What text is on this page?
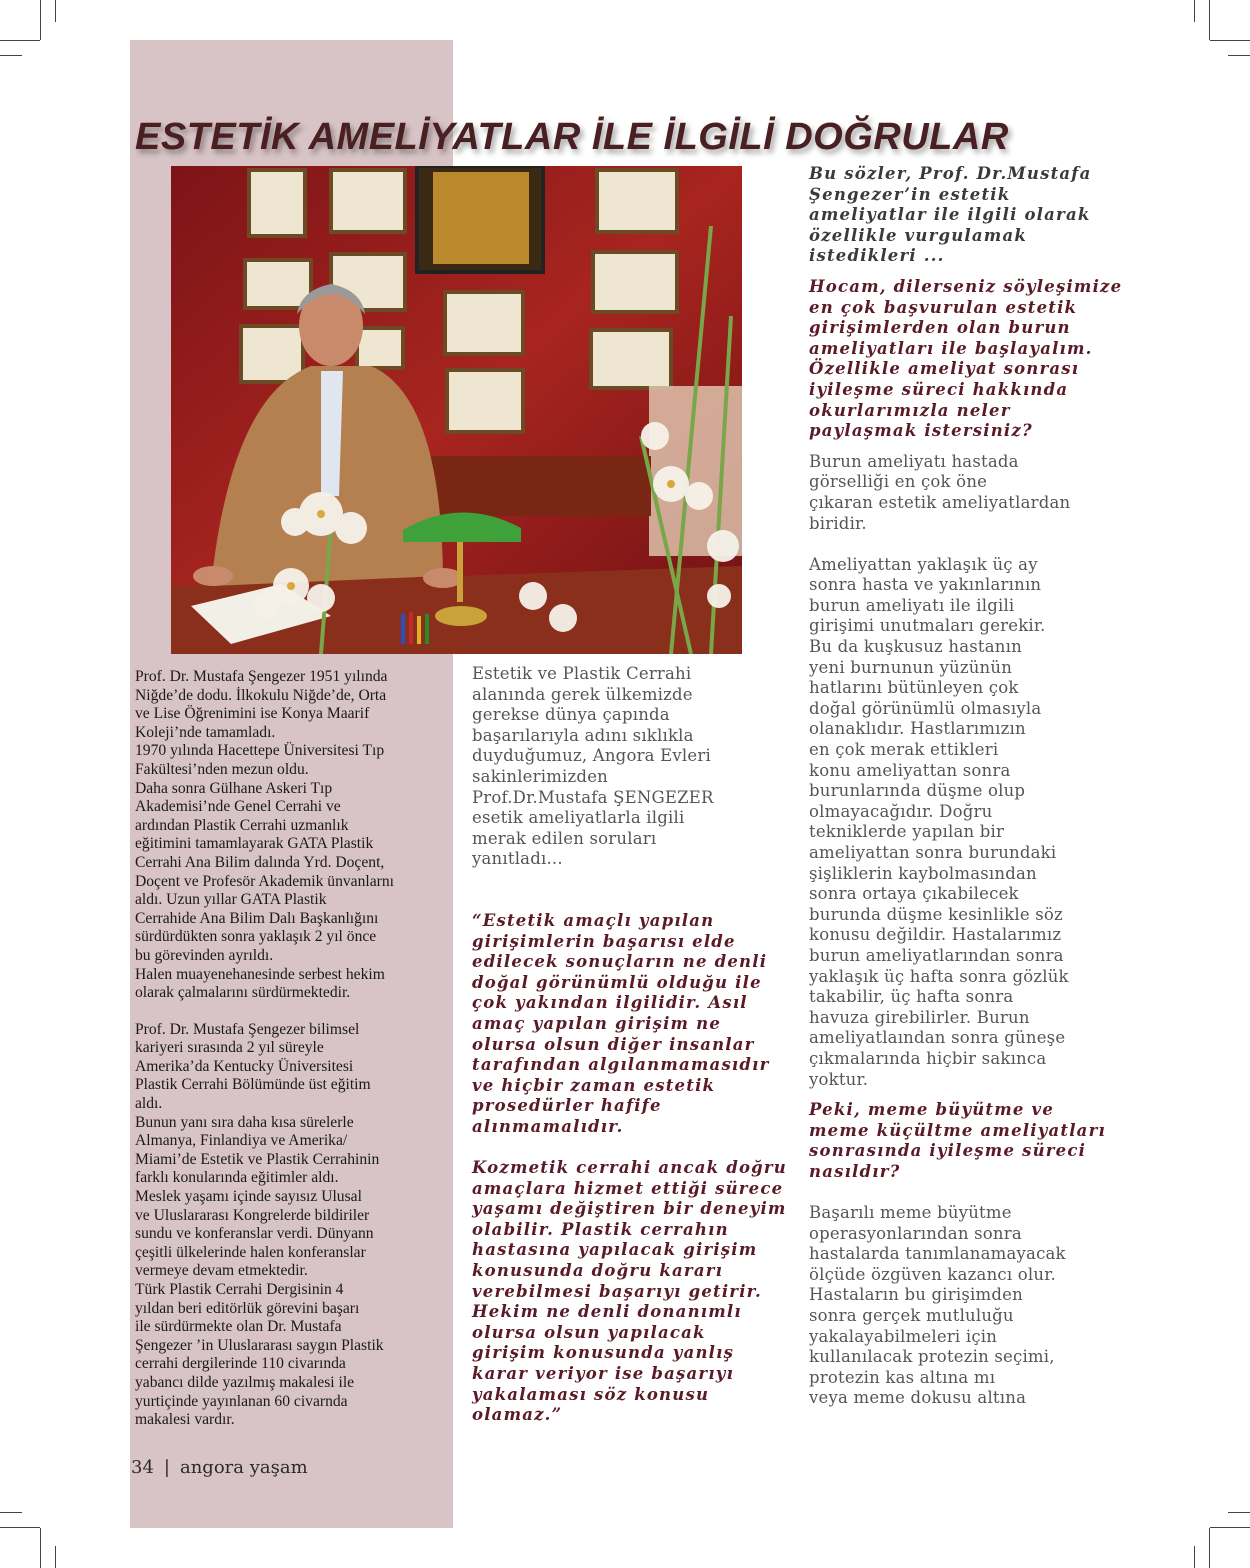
ESTETİK AMELİYATLAR İLE İLGİLİ DOĞRULAR

Prof. Dr. Mustafa Şengezer 1951 yılında
Niğde’de dodu. İlkokulu Niğde’de, Orta
ve Lise Öğrenimini ise Konya Maarif
Koleji’nde tamamladı.
1970 yılında Hacettepe Üniversitesi Tıp
Fakültesi’nden mezun oldu.
Daha sonra Gülhane Askeri Tıp
Akademisi’nde Genel Cerrahi ve
ardından Plastik Cerrahi uzmanlık
eğitimini tamamlayarak GATA Plastik
Cerrahi Ana Bilim dalında Yrd. Doçent,
Doçent ve Profesör Akademik ünvanlarnı
aldı. Uzun yıllar GATA Plastik
Cerrahide Ana Bilim Dalı Başkanlığını
sürdürdükten sonra yaklaşık 2 yıl önce
bu görevinden ayrıldı.
Halen muayenehanesinde serbest hekim
olarak çalmalarını sürdürmektedir.

Prof. Dr. Mustafa Şengezer bilimsel
kariyeri sırasında 2 yıl süreyle
Amerika’da Kentucky Üniversitesi
Plastik Cerrahi Bölümünde üst eğitim
aldı.
Bunun yanı sıra daha kısa sürelerle
Almanya, Finlandiya ve Amerika/
Miami’de Estetik ve Plastik Cerrahinin
farklı konularında eğitimler aldı.
Meslek yaşamı içinde sayısız Ulusal
ve Uluslararası Kongrelerde bildiriler
sundu ve konferanslar verdi. Dünyann
çeşitli ülkelerinde halen konferanslar
vermeye devam etmektedir.
Türk Plastik Cerrahi Dergisinin 4
yıldan beri editörlük görevini başarı
ile sürdürmekte olan Dr. Mustafa
Şengezer ’in Uluslararası saygın Plastik
cerrahi dergilerinde 110 civarında
yabancı dilde yazılmış makalesi ile
yurtiçinde yayınlanan 60 civarnda
makalesi vardır.

Estetik ve Plastik Cerrahi
alanında gerek ülkemizde
gerekse dünya çapında
başarılarıyla adını sıklıkla
duyduğumuz, Angora Evleri
sakinlerimizden
Prof.Dr.Mustafa ŞENGEZER
esetik ameliyatlarla ilgili
merak edilen soruları
yanıtladı...

“Estetik amaçlı yapılan
girişimlerin başarısı elde
edilecek sonuçların ne denli
doğal görünümlü olduğu ile
çok yakından ilgilidir. Asıl
amaç yapılan girişim ne
olursa olsun diğer insanlar
tarafından algılanmamasıdır
ve hiçbir zaman estetik
prosedürler hafife
alınmamalıdır.

Kozmetik cerrahi ancak doğru
amaçlara hizmet ettiği sürece
yaşamı değiştiren bir deneyim
olabilir. Plastik cerrahın
hastasına yapılacak girişim
konusunda doğru kararı
verebilmesi başarıyı getirir.
Hekim ne denli donanımlı
olursa olsun yapılacak
girişim konusunda yanlış
karar veriyor ise başarıyı
yakalaması söz konusu
olamaz.”

Bu sözler, Prof. Dr.Mustafa
Şengezer’in estetik
ameliyatlar ile ilgili olarak
özellikle vurgulamak
istedikleri ...

Hocam, dilerseniz söyleşimize
en çok başvurulan estetik
girişimlerden olan burun
ameliyatları ile başlayalım.
Özellikle ameliyat sonrası
iyileşme süreci hakkında
okurlarımızla neler
paylaşmak istersiniz?

Burun ameliyatı hastada
görselliği en çok öne
çıkaran estetik ameliyatlardan
biridir.

Ameliyattan yaklaşık üç ay
sonra hasta ve yakınlarının
burun ameliyatı ile ilgili
girişimi unutmaları gerekir.
Bu da kuşkusuz hastanın
yeni burnunun yüzünün
hatlarını bütünleyen çok
doğal görünümlü olmasıyla
olanaklıdır. Hastlarımızın
en çok merak ettikleri
konu ameliyattan sonra
burunlarında düşme olup
olmayacağıdır. Doğru
tekniklerde yapılan bir
ameliyattan sonra burundaki
şişliklerin kaybolmasından
sonra ortaya çıkabilecek
burunda düşme kesinlikle söz
konusu değildir. Hastalarımız
burun ameliyatlarından sonra
yaklaşık üç hafta sonra gözlük
takabilir, üç hafta sonra
havuza girebilirler. Burun
ameliyatlaından sonra güneşe
çıkmalarında hiçbir sakınca
yoktur.

Peki, meme büyütme ve
meme küçültme ameliyatları
sonrasında iyileşme süreci
nasıldır?

Başarılı meme büyütme
operasyonlarından sonra
hastalarda tanımlanamayacak
ölçüde özgüven kazancı olur.
Hastaların bu girişimden
sonra gerçek mutluluğu
yakalayabilmeleri için
kullanılacak protezin seçimi,
protezin kas altına mı
veya meme dokusu altına

34 | angora yaşam
